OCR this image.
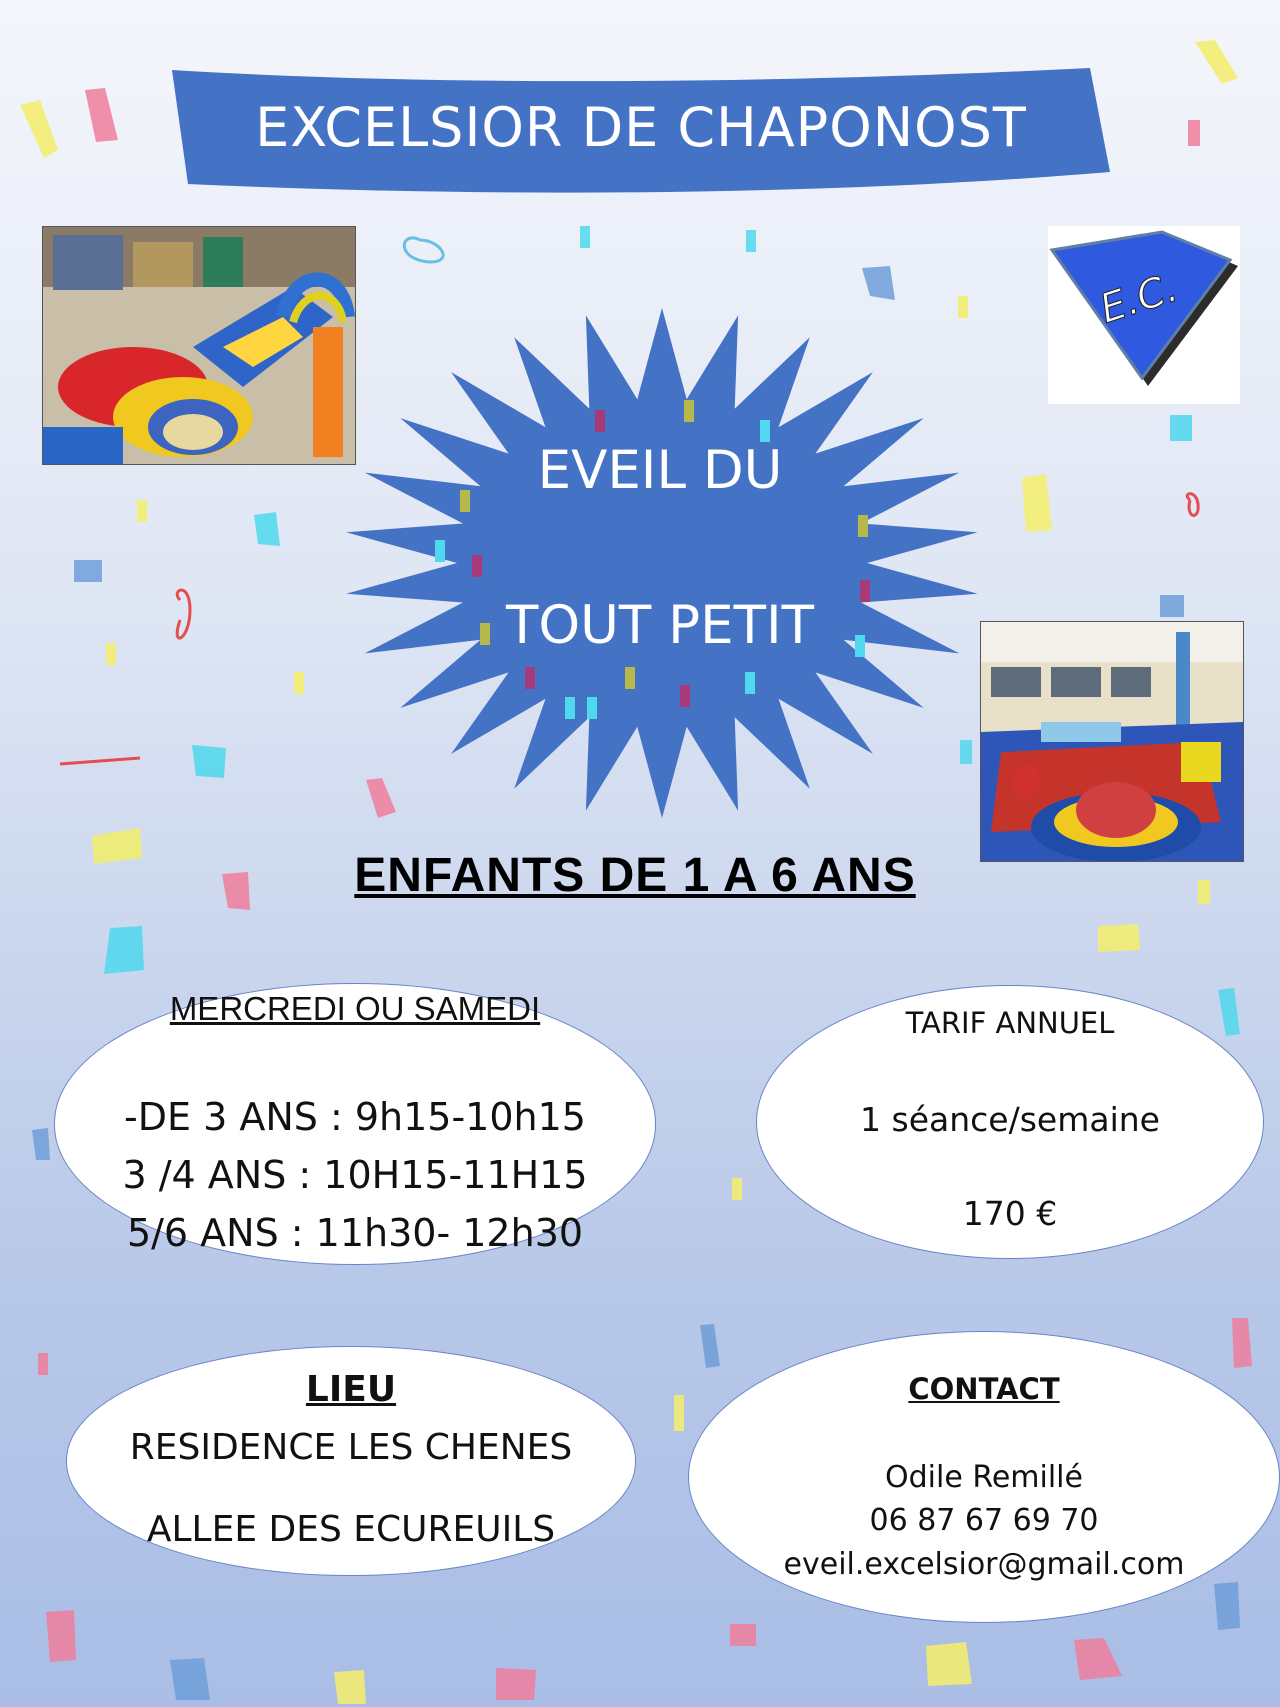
EXCELSIOR DE CHAPONOST
E.C.
EVEIL DU
TOUT PETIT
ENFANTS DE 1 A 6 ANS
MERCREDI OU SAMEDI
-DE 3 ANS : 9h15-10h15
3 /4 ANS : 10H15-11H15
5/6 ANS : 11h30- 12h30
TARIF ANNUEL
1 séance/semaine
170 €
LIEU
RESIDENCE LES CHENES
ALLEE DES ECUREUILS
CONTACT
Odile Remillé
06 87 67 69 70
eveil.excelsior@gmail.com
